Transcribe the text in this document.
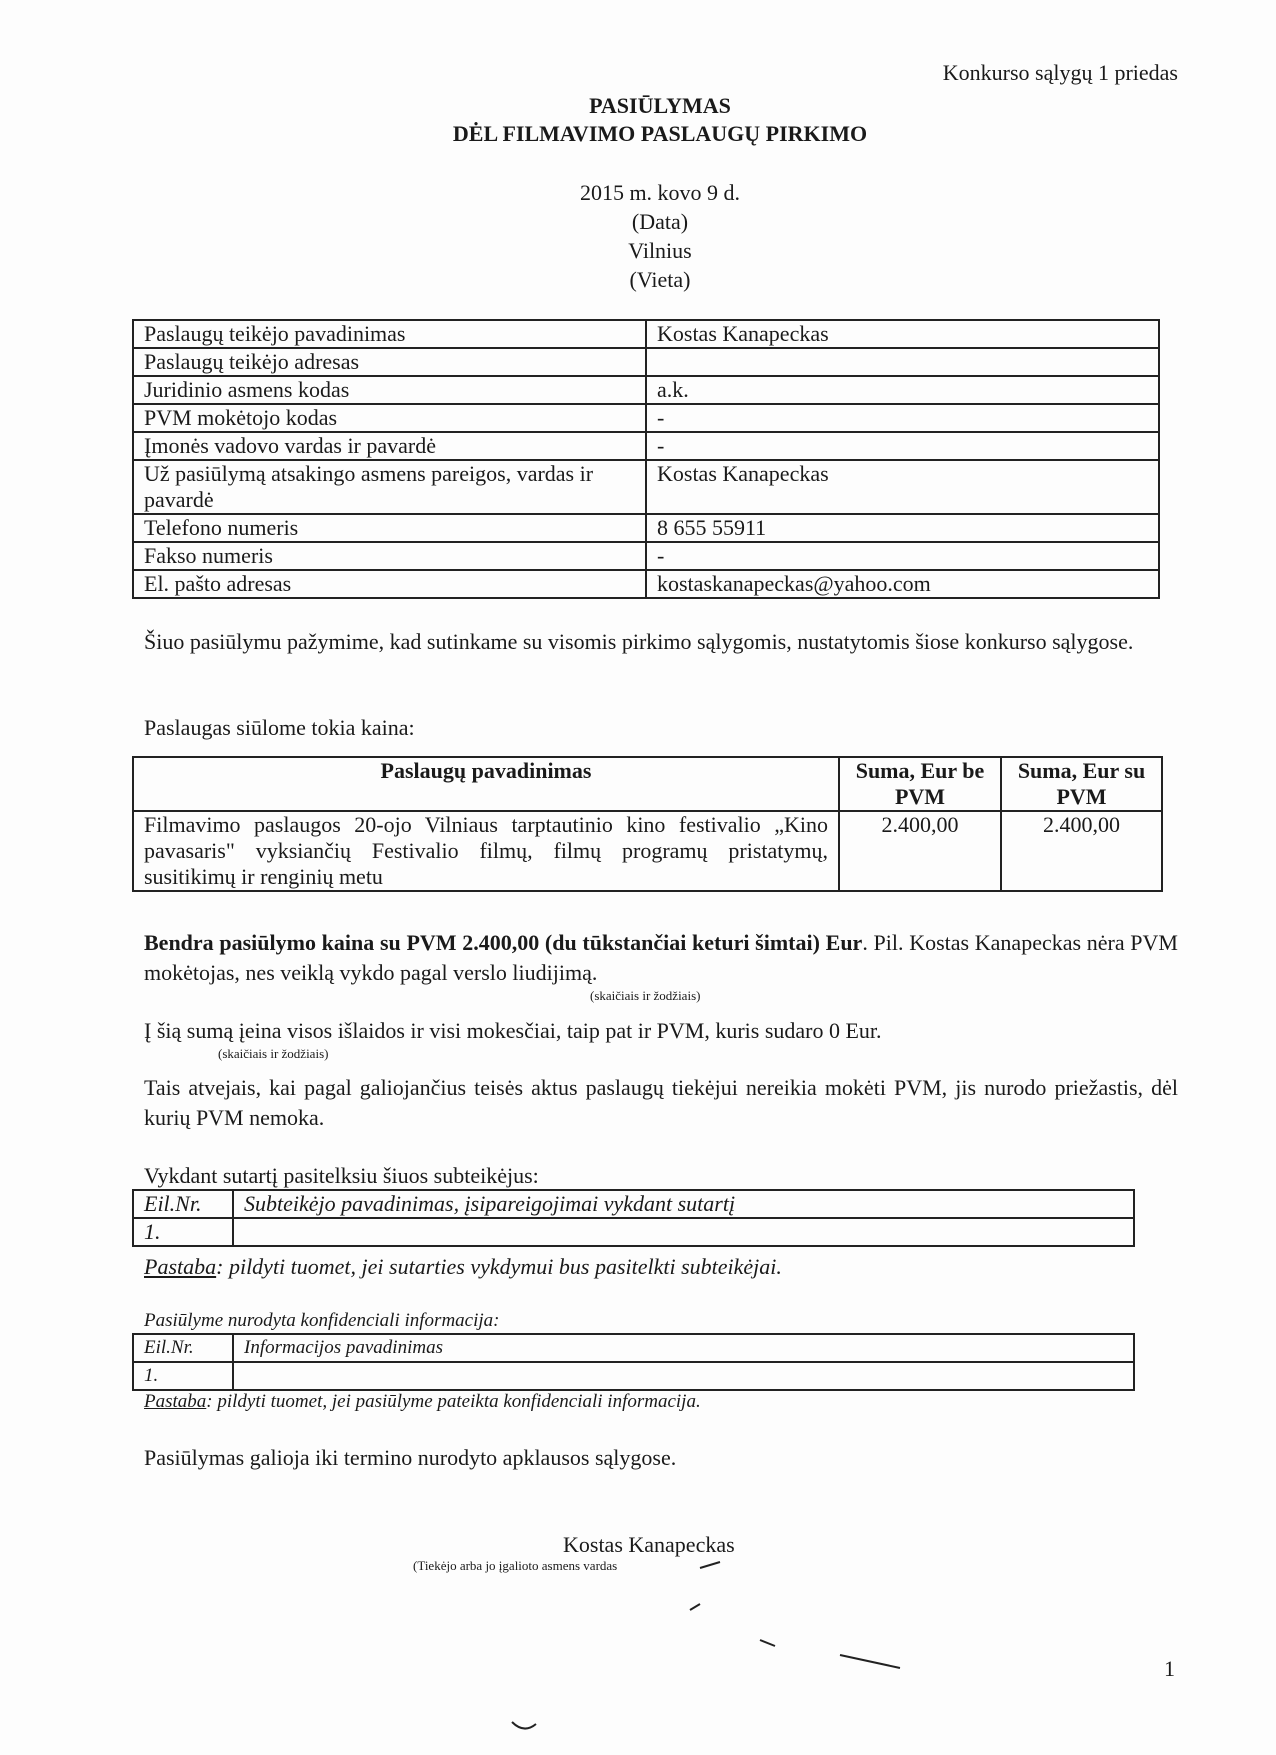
Konkurso sąlygų 1 priedas
PASIŪLYMAS
DĖL FILMAVIMO PASLAUGŲ PIRKIMO
2015 m. kovo 9 d.
(Data)
Vilnius
(Vieta)
Paslaugų teikėjo pavadinimas	Kostas Kanapeckas
Paslaugų teikėjo adresas	
Juridinio asmens kodas	a.k.
PVM mokėtojo kodas	-
Įmonės vadovo vardas ir pavardė	-
Už pasiūlymą atsakingo asmens pareigos, vardas ir pavardė	Kostas Kanapeckas
Telefono numeris	8 655 55911
Fakso numeris	-
El. pašto adresas	kostaskanapeckas@yahoo.com
Šiuo pasiūlymu pažymime, kad sutinkame su visomis pirkimo sąlygomis, nustatytomis šiose konkurso sąlygose.
Paslaugas siūlome tokia kaina:
Paslaugų pavadinimas	Suma, Eur be PVM	Suma, Eur su PVM
Filmavimo paslaugos 20-ojo Vilniaus tarptautinio kino festivalio „Kino pavasaris" vyksiančių Festivalio filmų, filmų programų pristatymų, susitikimų ir renginių metu	2.400,00	2.400,00
Bendra pasiūlymo kaina su PVM 2.400,00 (du tūkstančiai keturi šimtai) Eur. Pil. Kostas Kanapeckas nėra PVM mokėtojas, nes veiklą vykdo pagal verslo liudijimą.
(skaičiais ir žodžiais)
Į šią sumą įeina visos išlaidos ir visi mokesčiai, taip pat ir PVM, kuris sudaro 0 Eur.
(skaičiais ir žodžiais)
Tais atvejais, kai pagal galiojančius teisės aktus paslaugų tiekėjui nereikia mokėti PVM, jis nurodo priežastis, dėl kurių PVM nemoka.
Vykdant sutartį pasitelksiu šiuos subteikėjus:
Eil.Nr.	Subteikėjo pavadinimas, įsipareigojimai vykdant sutartį
1.	
Pastaba: pildyti tuomet, jei sutarties vykdymui bus pasitelkti subteikėjai.
Pasiūlyme nurodyta konfidenciali informacija:
Eil.Nr.	Informacijos pavadinimas
1.	
Pastaba: pildyti tuomet, jei pasiūlyme pateikta konfidenciali informacija.
Pasiūlymas galioja iki termino nurodyto apklausos sąlygose.
Kostas Kanapeckas
(Tiekėjo arba jo įgalioto asmens vardas
1
